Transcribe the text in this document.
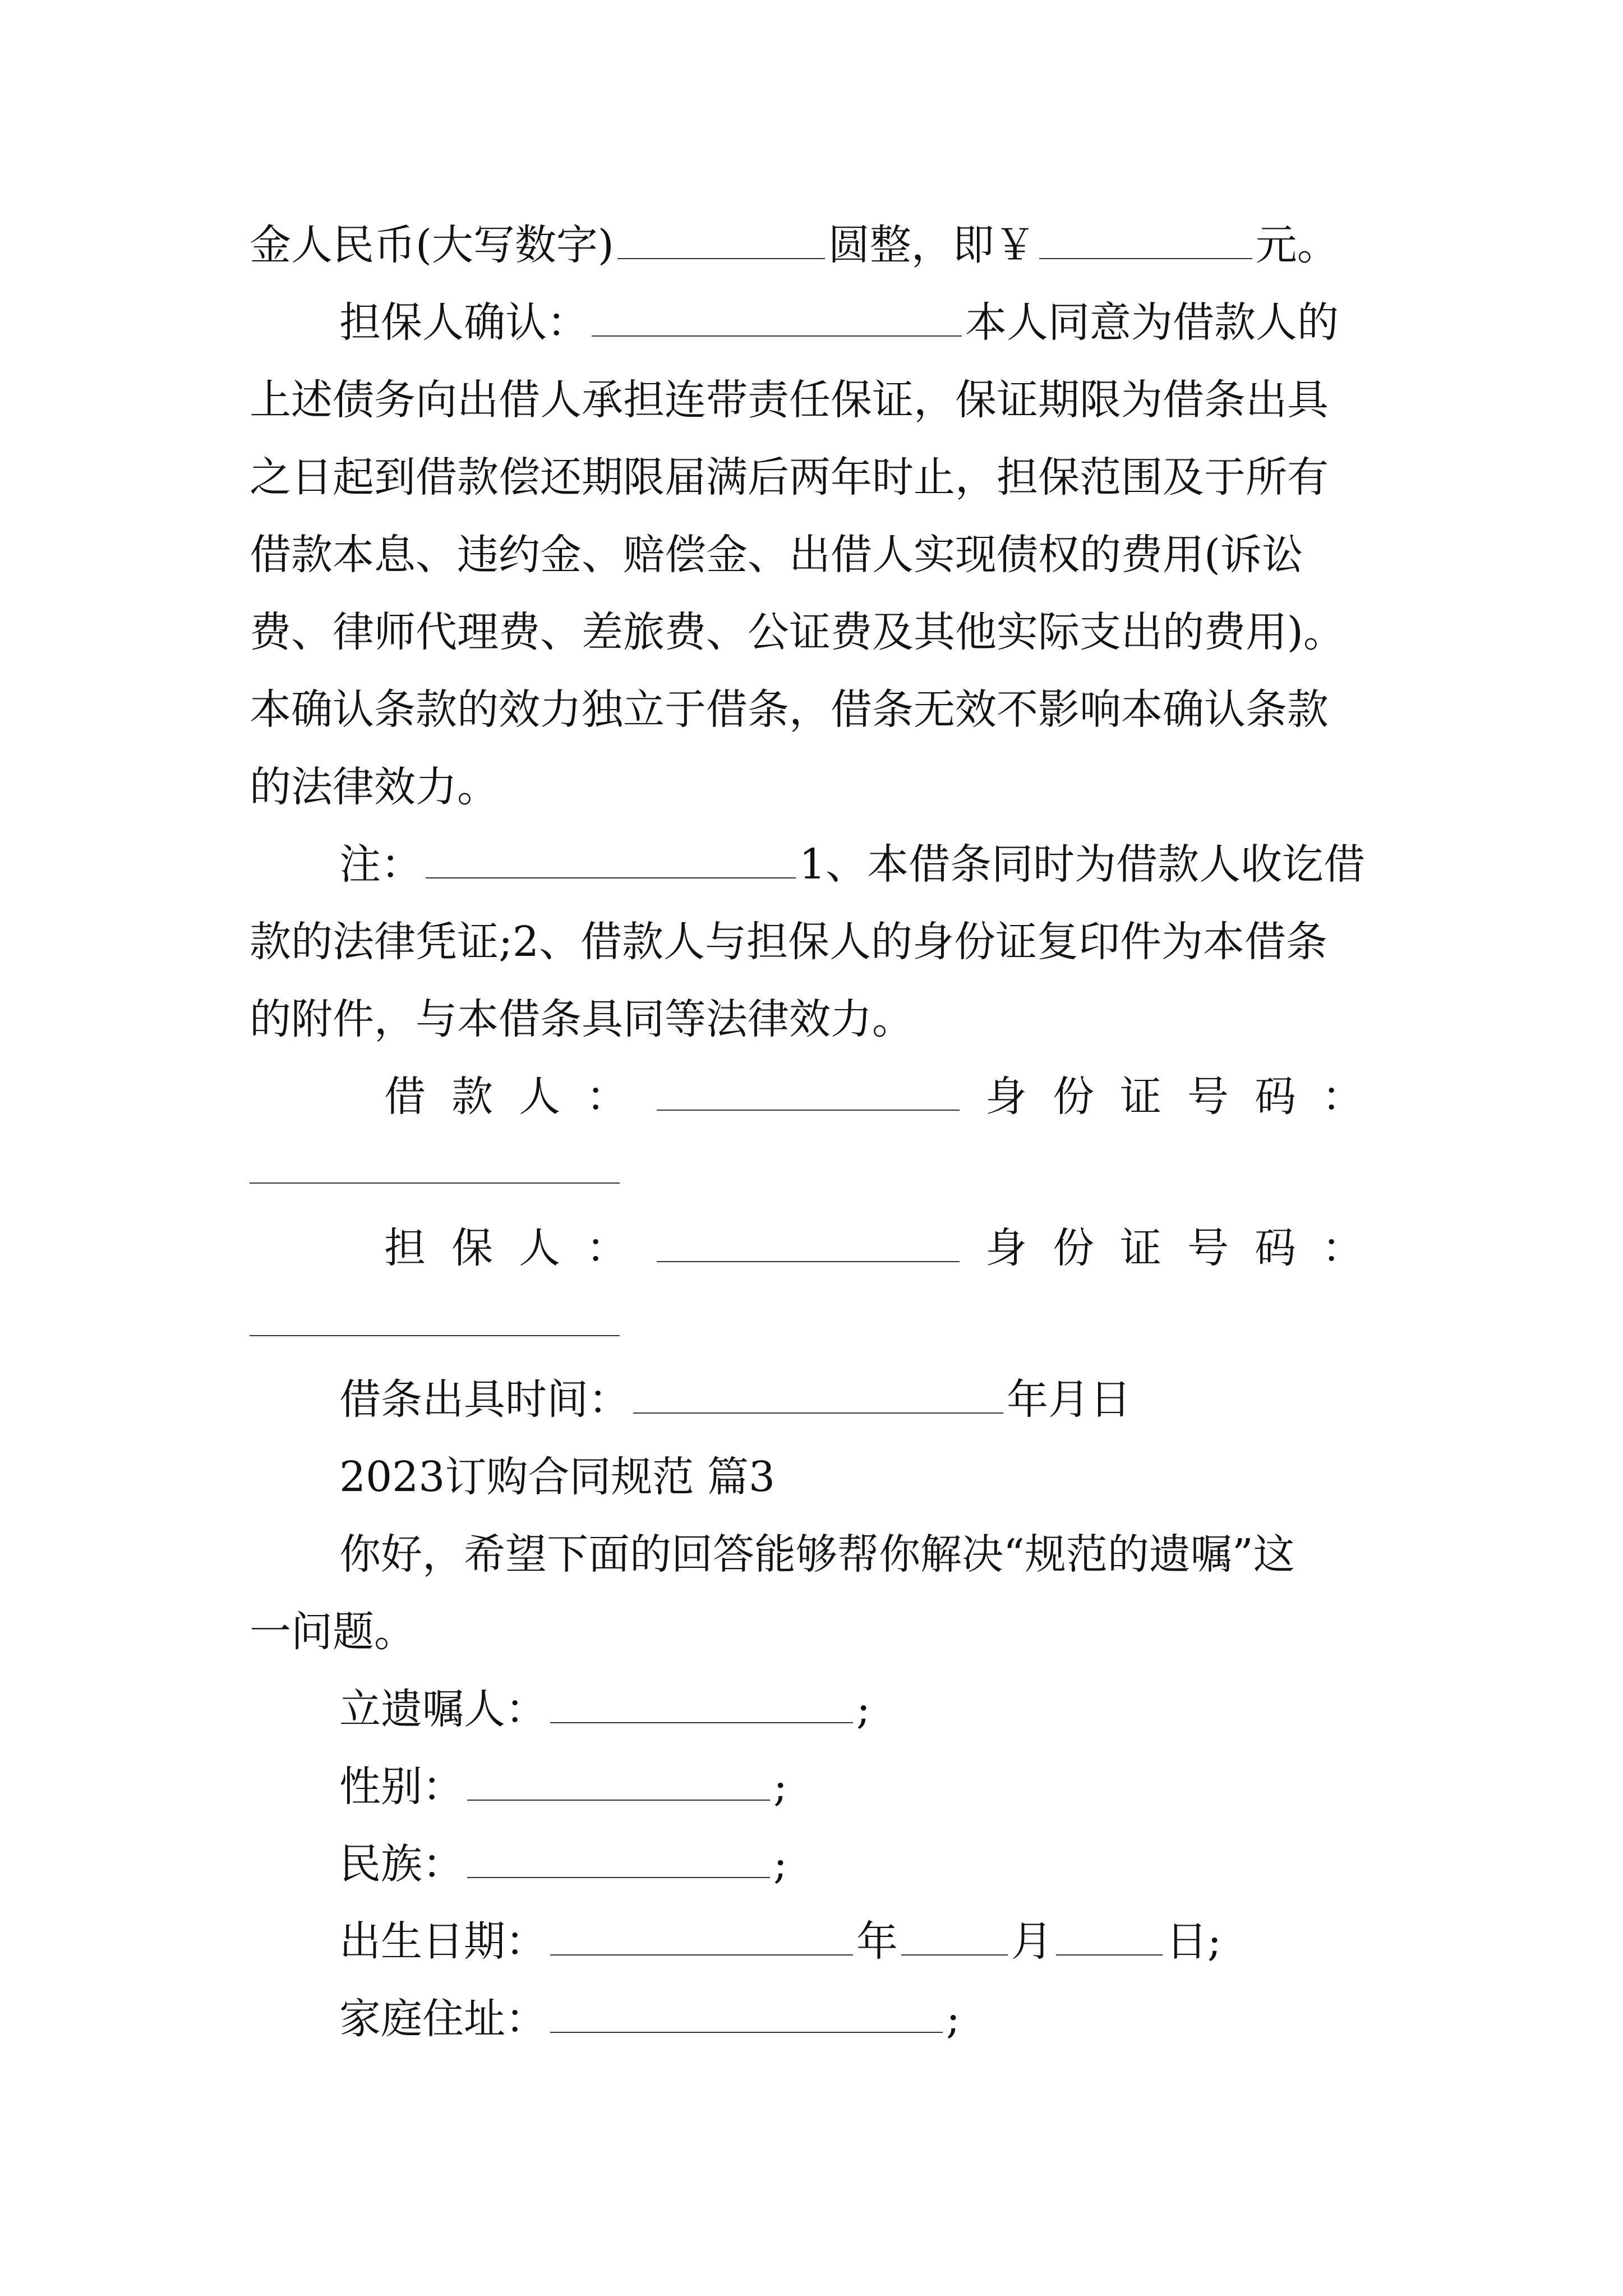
金人民币(大写数字)	圆整，即￥	元。
担保人确认：	本人同意为借款人的
上述债务向出借人承担连带责任保证，保证期限为借条出具
之日起到借款偿还期限届满后两年时止，担保范围及于所有
借款本息、违约金、赔偿金、出借人实现债权的费用(诉讼
费、律师代理费、差旅费、公证费及其他实际支出的费用)。
本确认条款的效力独立于借条，借条无效不影响本确认条款
的法律效力。
注：	1、本借条同时为借款人收讫借
款的法律凭证;2、借款人与担保人的身份证复印件为本借条
的附件，与本借条具同等法律效力。
借款人：	身份证号码：
担保人：	身份证号码：
借条出具时间：	年月日
2023订购合同规范 篇3
你好，希望下面的回答能够帮你解决“规范的遗嘱”这
一问题。
立遗嘱人：	;
性别：	;
民族：	;
出生日期：	年	月	日;
家庭住址：	;
